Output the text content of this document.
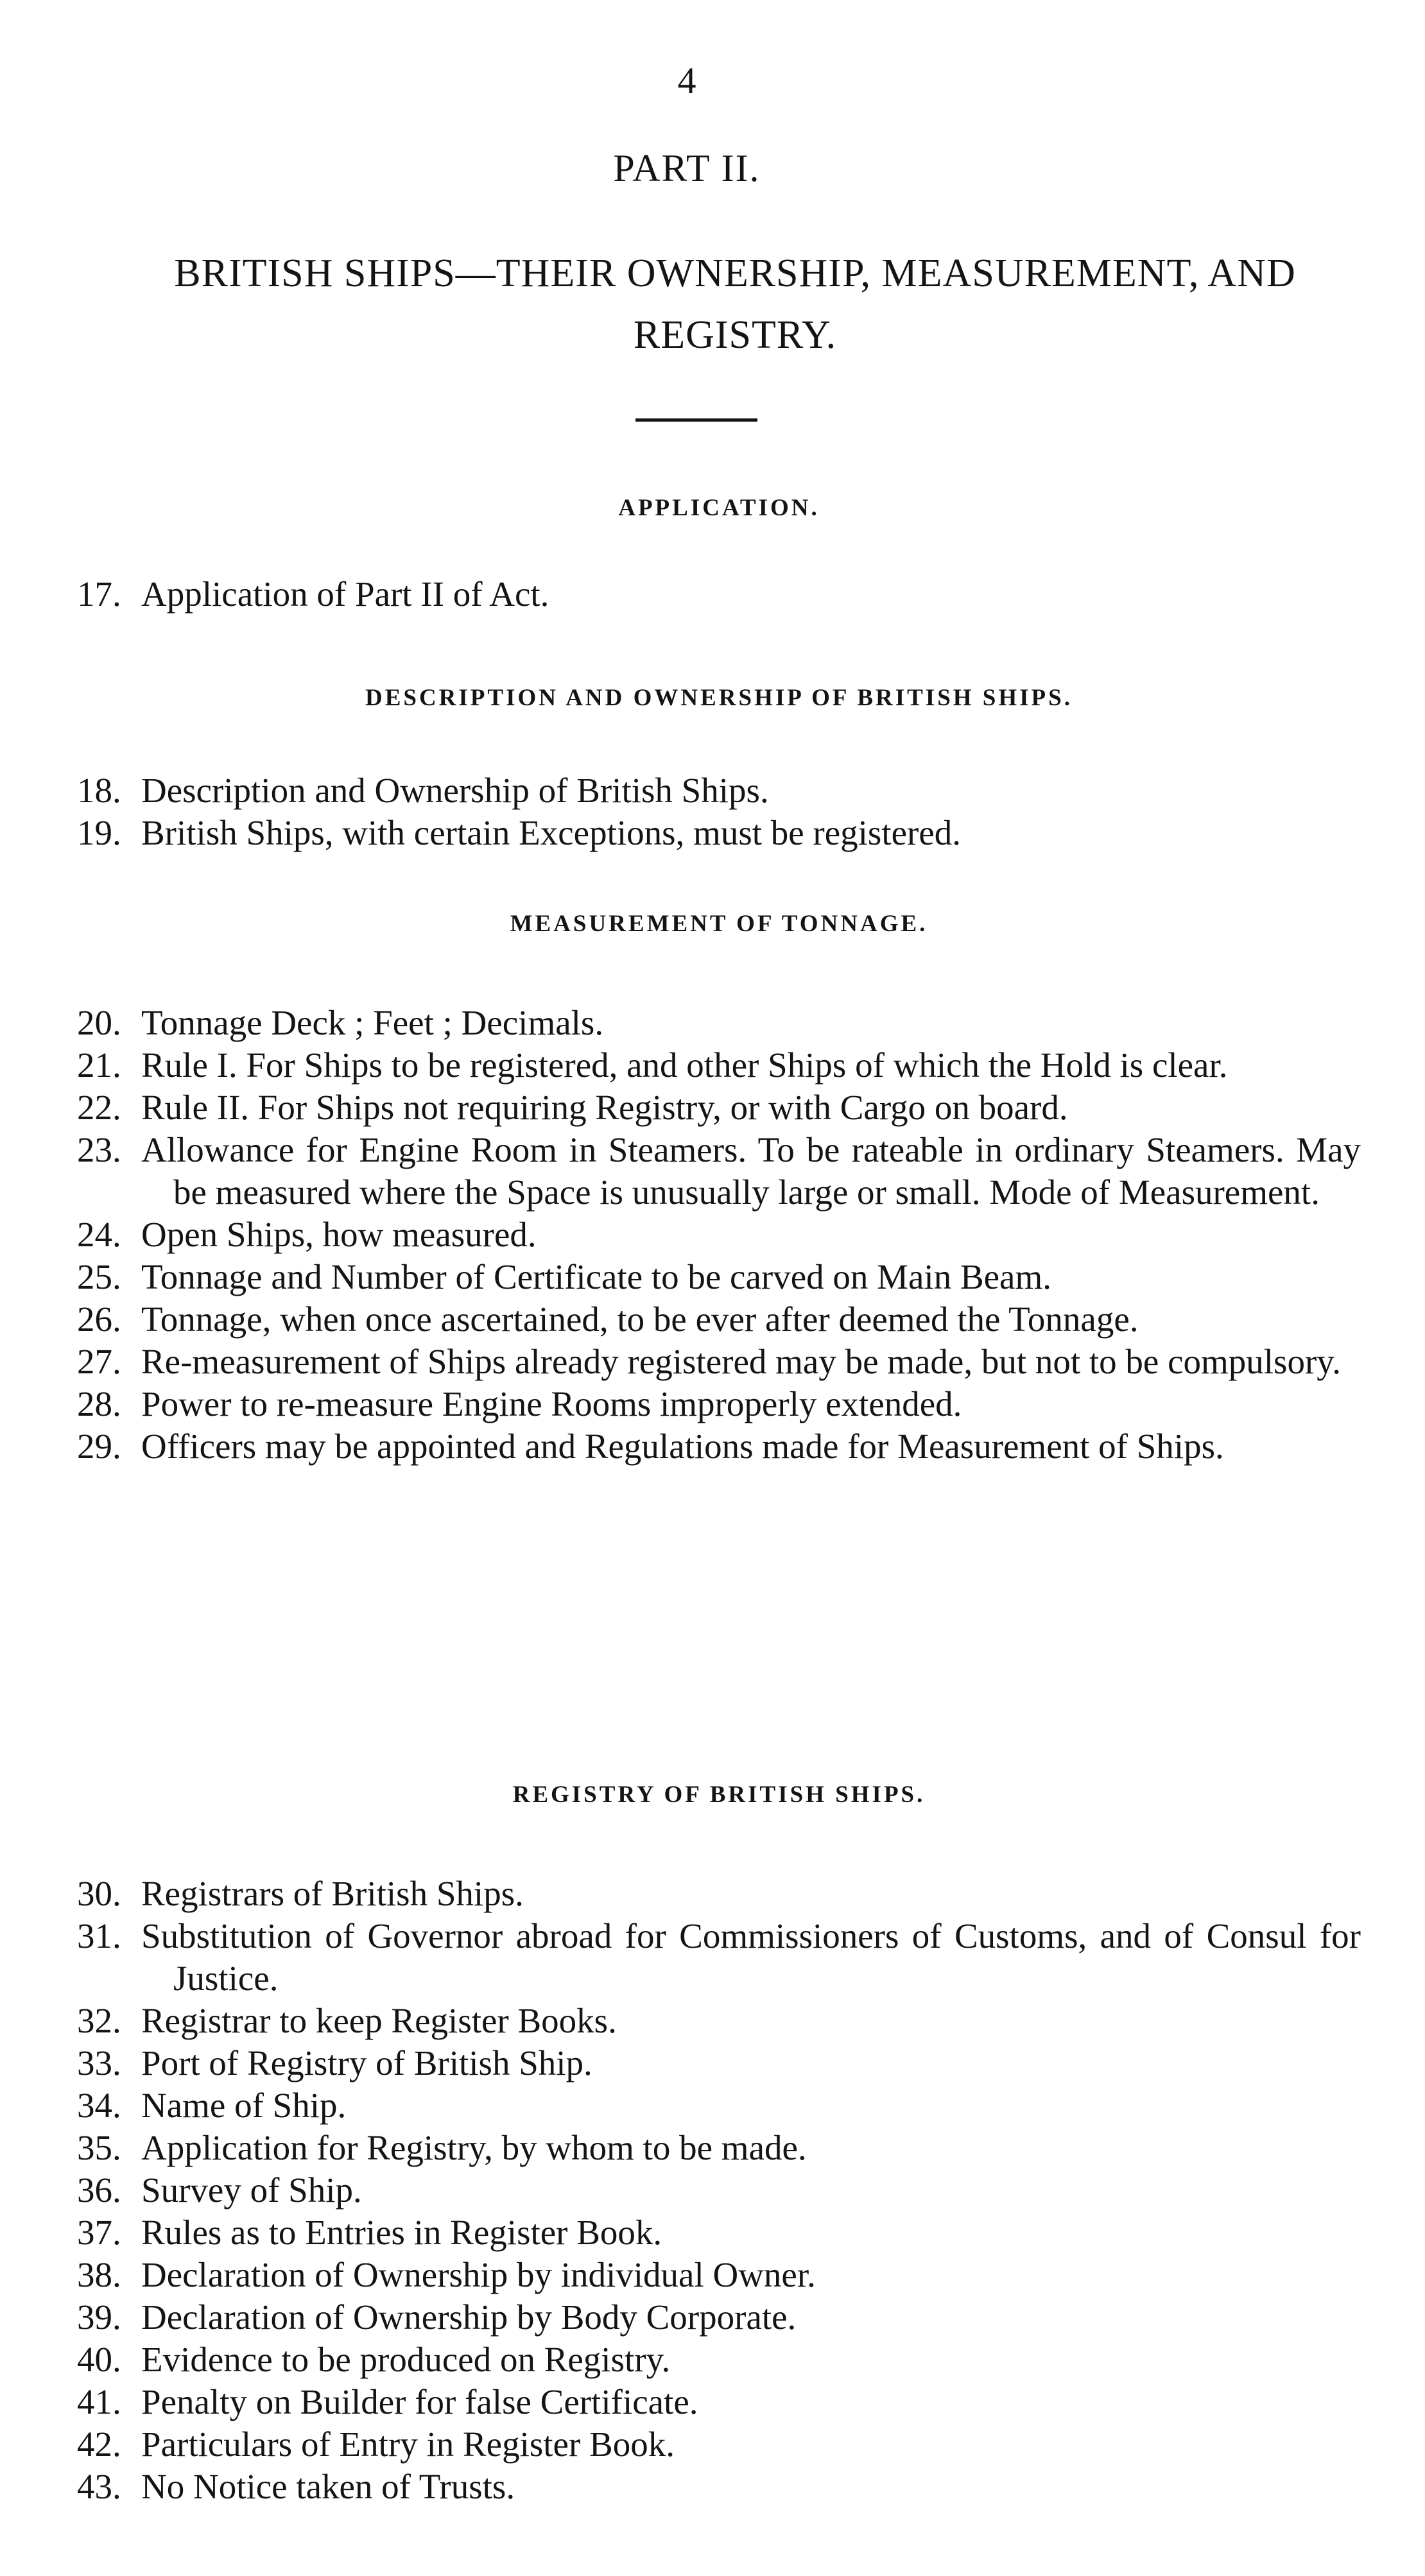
4
PART II.
BRITISH SHIPS—THEIR OWNERSHIP, MEASUREMENT, AND REGISTRY.
APPLICATION.
17. Application of Part II of Act.
DESCRIPTION AND OWNERSHIP OF BRITISH SHIPS.
18. Description and Ownership of British Ships.
19. British Ships, with certain Exceptions, must be registered.
MEASUREMENT OF TONNAGE.
20. Tonnage Deck ; Feet ; Decimals.
21. Rule I. For Ships to be registered, and other Ships of which the Hold is clear.
22. Rule II. For Ships not requiring Registry, or with Cargo on board.
23. Allowance for Engine Room in Steamers. To be rateable in ordinary Steamers. May be measured where the Space is unusually large or small. Mode of Measurement.
24. Open Ships, how measured.
25. Tonnage and Number of Certificate to be carved on Main Beam.
26. Tonnage, when once ascertained, to be ever after deemed the Tonnage.
27. Re-measurement of Ships already registered may be made, but not to be compulsory.
28. Power to re-measure Engine Rooms improperly extended.
29. Officers may be appointed and Regulations made for Measurement of Ships.
REGISTRY OF BRITISH SHIPS.
30. Registrars of British Ships.
31. Substitution of Governor abroad for Commissioners of Customs, and of Consul for Justice.
32. Registrar to keep Register Books.
33. Port of Registry of British Ship.
34. Name of Ship.
35. Application for Registry, by whom to be made.
36. Survey of Ship.
37. Rules as to Entries in Register Book.
38. Declaration of Ownership by individual Owner.
39. Declaration of Ownership by Body Corporate.
40. Evidence to be produced on Registry.
41. Penalty on Builder for false Certificate.
42. Particulars of Entry in Register Book.
43. No Notice taken of Trusts.
